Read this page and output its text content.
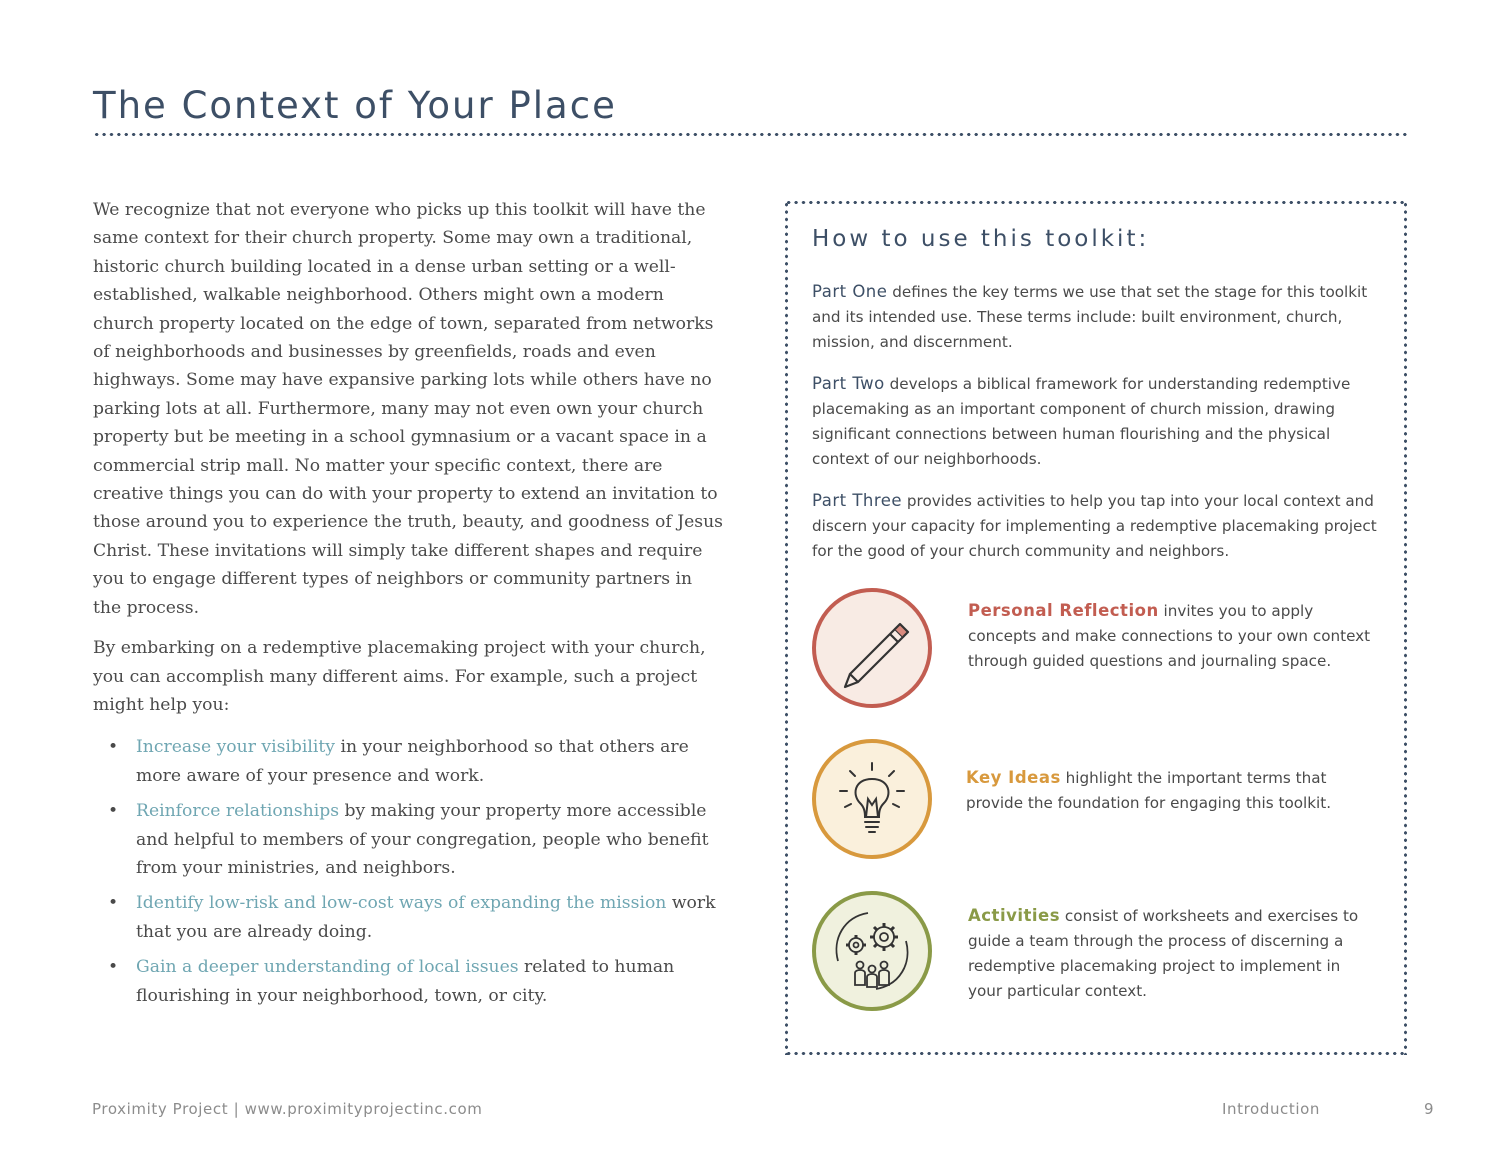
The Context of Your Place

We recognize that not everyone who picks up this toolkit will have the same context for their church property. Some may own a traditional, historic church building located in a dense urban setting or a well-established, walkable neighborhood. Others might own a modern church property located on the edge of town, separated from networks of neighborhoods and businesses by greenfields, roads and even highways. Some may have expansive parking lots while others have no parking lots at all. Furthermore, many may not even own your church property but be meeting in a school gymnasium or a vacant space in a commercial strip mall. No matter your specific context, there are creative things you can do with your property to extend an invitation to those around you to experience the truth, beauty, and goodness of Jesus Christ. These invitations will simply take different shapes and require you to engage different types of neighbors or community partners in the process.

By embarking on a redemptive placemaking project with your church, you can accomplish many different aims. For example, such a project might help you:

• Increase your visibility in your neighborhood so that others are more aware of your presence and work.
• Reinforce relationships by making your property more accessible and helpful to members of your congregation, people who benefit from your ministries, and neighbors.
• Identify low-risk and low-cost ways of expanding the mission work that you are already doing.
• Gain a deeper understanding of local issues related to human flourishing in your neighborhood, town, or city.
How to use this toolkit:

Part One defines the key terms we use that set the stage for this toolkit and its intended use. These terms include: built environment, church, mission, and discernment.

Part Two develops a biblical framework for understanding redemptive placemaking as an important component of church mission, drawing significant connections between human flourishing and the physical context of our neighborhoods.

Part Three provides activities to help you tap into your local context and discern your capacity for implementing a redemptive placemaking project for the good of your church community and neighbors.

Personal Reflection invites you to apply concepts and make connections to your own context through guided questions and journaling space.
Key Ideas highlight the important terms that provide the foundation for engaging this toolkit.
Activities consist of worksheets and exercises to guide a team through the process of discerning a redemptive placemaking project to implement in your particular context.
Proximity Project | www.proximityprojectinc.com	Introduction	9
